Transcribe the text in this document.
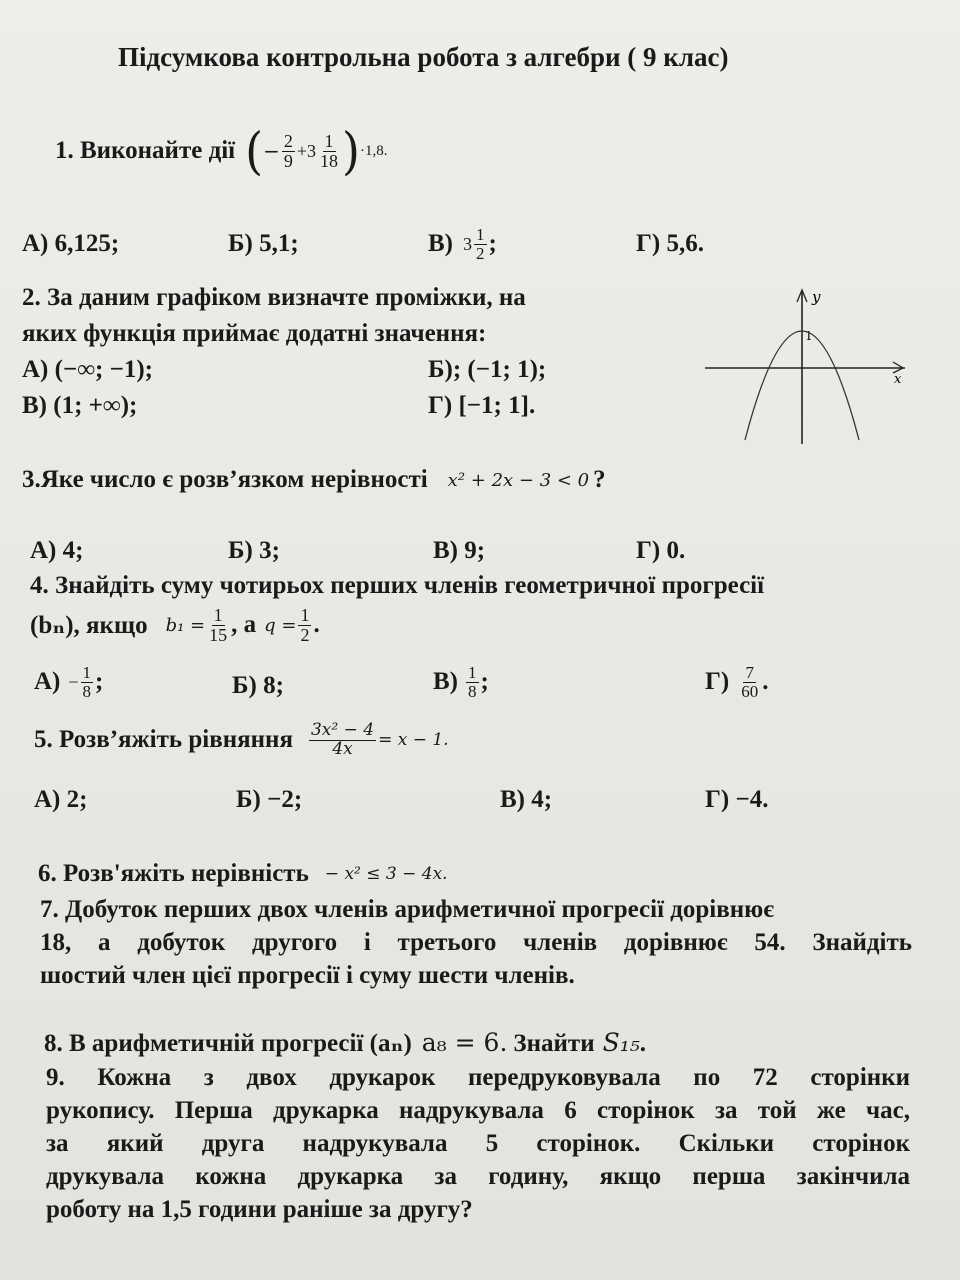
Підсумкова контрольна робота з алгебри ( 9 клас)
1. Виконайте дії ( − $\frac{2}{9} +3 \frac{1}{18}$ ) ·1,8.
А) 6,125;	Б) 5,1;	В) $3 \frac{1}{2}$ ;	Г) 5,6.
2. За даним графіком визначте проміжки, на
яких функція приймає додатні значення:
А) (−∞; −1);	Б); (−1; 1);
В) (1; +∞);	Г) [−1; 1].
y
x
1
3.Яке число є розв’язком нерівності x² + 2x − 3 < 0 ?
А) 4;	Б) 3;	В) 9;	Г) 0.
4. Знайдіть суму чотирьох перших членів геометричної прогресії
(bₙ), якщо $b_1 = \frac{1}{15}$ , а $q = \frac{1}{2}$ .
$А) - \frac{1}{8}$ ;	Б) 8;	$В) \frac{1}{8}$ ;	$Г) \frac{7}{60}$ .
5. Розв’яжіть рівняння $\frac{\text{3x² − 4}}{4x} = x - 1$.
А) 2;	Б) −2;	В) 4;	Г) −4.
6. Розв'яжіть нерівність − x² ≤ 3 − 4x.
7. Добуток перших двох членів арифметичної прогресії дорівнює
18, а добуток другого і третього членів дорівнює 54. Знайдіть
шостий член цієї прогресії і суму шести членів.
8. В арифметичній прогресії (aₙ) a₈ = 6. Знайти S₁₅ .
9. Кожна з двох друкарок передруковувала по 72 сторінки
рукопису. Перша друкарка надрукувала 6 сторінок за той же час,
за який друга надрукувала 5 сторінок. Скільки сторінок
друкувала кожна друкарка за годину, якщо перша закінчила
роботу на 1,5 години раніше за другу?
